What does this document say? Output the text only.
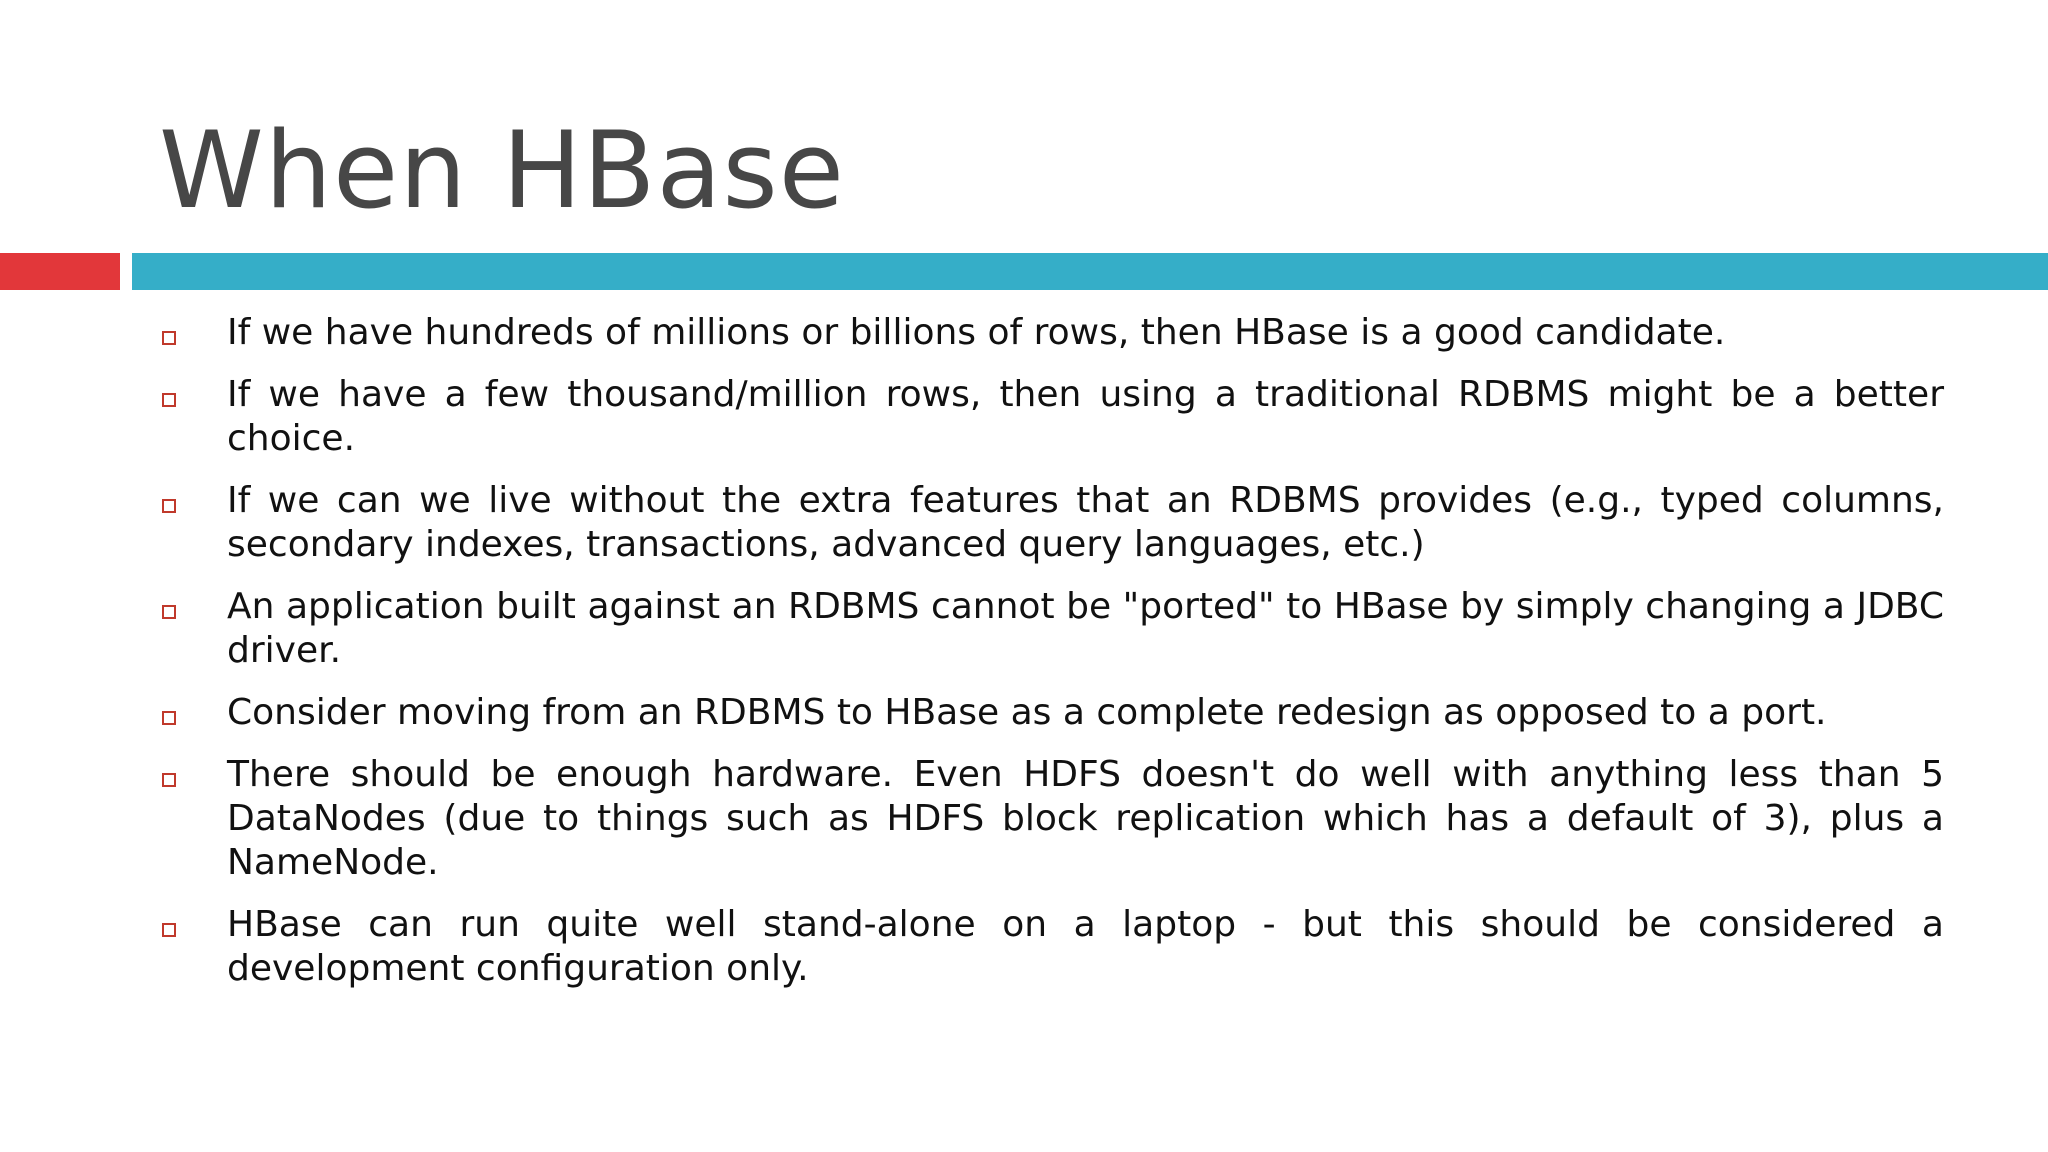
When HBase
If we have hundreds of millions or billions of rows, then HBase is a good candidate.
If we have a few thousand/million rows, then using a traditional RDBMS might be a better choice.
If we can we live without the extra features that an RDBMS provides (e.g., typed columns, secondary indexes, transactions, advanced query languages, etc.)
An application built against an RDBMS cannot be "ported" to HBase by simply changing a JDBC driver.
Consider moving from an RDBMS to HBase as a complete redesign as opposed to a port.
There should be enough hardware. Even HDFS doesn't do well with anything less than 5 DataNodes (due to things such as HDFS block replication which has a default of 3), plus a NameNode.
HBase can run quite well stand-alone on a laptop - but this should be considered a development configuration only.
